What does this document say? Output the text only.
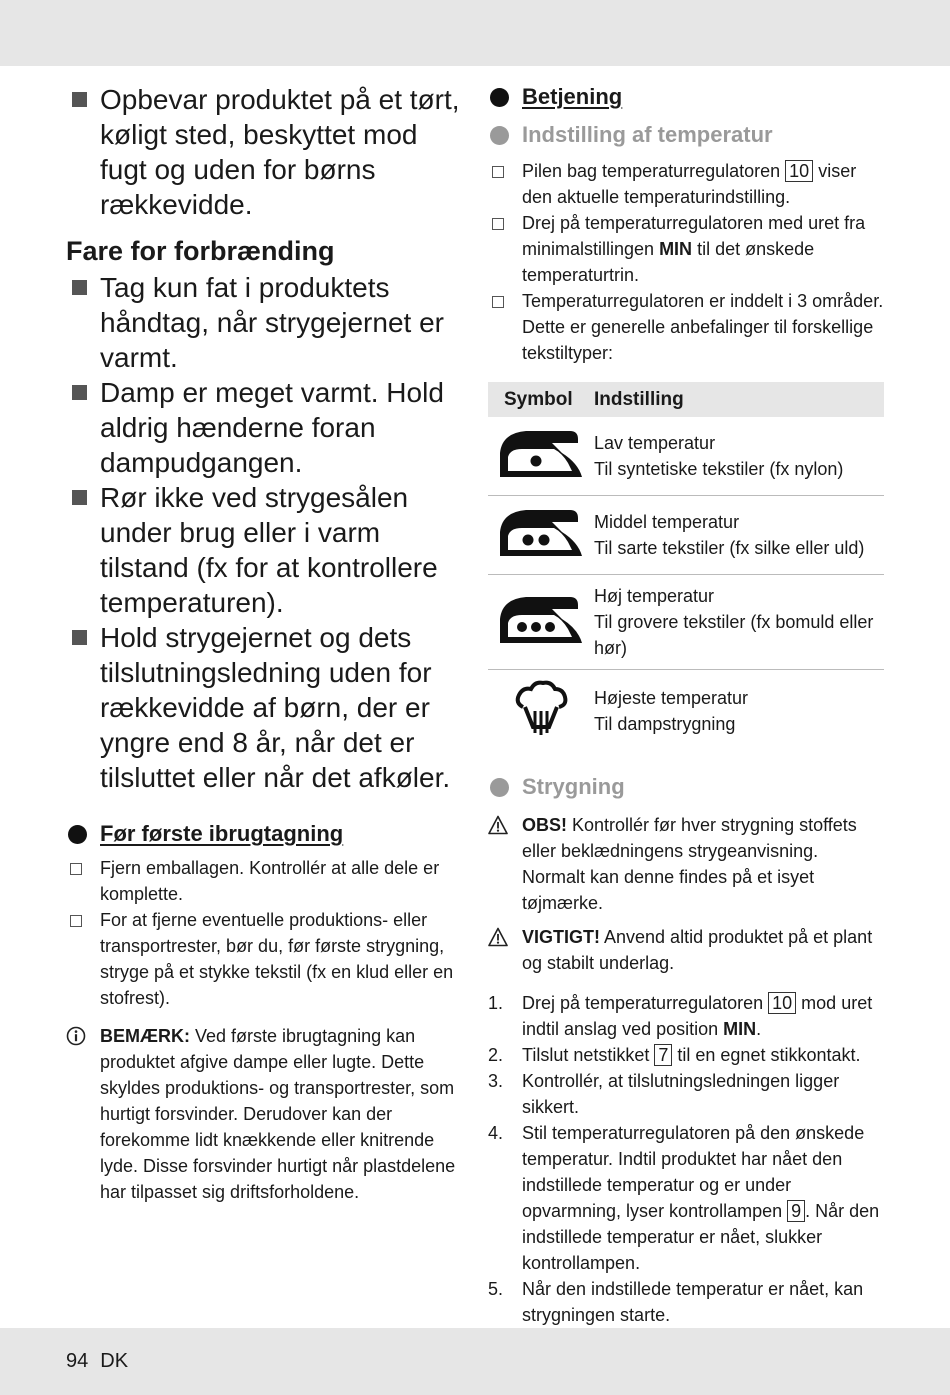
Opbevar produktet på et tørt, køligt sted, beskyttet mod fugt og uden for børns rækkevidde.

Fare for forbrænding

Tag kun fat i produktets håndtag, når strygejernet er varmt.

Damp er meget varmt. Hold aldrig hænderne foran dampudgangen.

Rør ikke ved strygesålen under brug eller i varm tilstand (fx for at kontrollere temperaturen).

Hold strygejernet og dets tilslutningsledning uden for rækkevidde af børn, der er yngre end 8 år, når det er tilsluttet eller når det afkøler.

Før første ibrugtagning

Fjern emballagen. Kontrollér at alle dele er komplette.

For at fjerne eventuelle produktions- eller transportrester, bør du, før første strygning, stryge på et stykke tekstil (fx en klud eller en stofrest).

BEMÆRK: Ved første ibrugtagning kan produktet afgive dampe eller lugte. Dette skyldes produktions- og transportrester, som hurtigt forsvinder. Derudover kan der forekomme lidt knækkende eller knitrende lyde. Disse forsvinder hurtigt når plastdelene har tilpasset sig driftsforholdene.

Betjening

Indstilling af temperatur

Pilen bag temperaturregulatoren 10 viser den aktuelle temperaturindstilling.

Drej på temperaturregulatoren med uret fra minimalstillingen MIN til det ønskede temperaturtrin.

Temperaturregulatoren er inddelt i 3 områder. Dette er generelle anbefalinger til forskellige tekstiltyper:

Symbol	Indstilling

Lav temperatur
Til syntetiske tekstiler (fx nylon)

Middel temperatur
Til sarte tekstiler (fx silke eller uld)

Høj temperatur
Til grovere tekstiler (fx bomuld eller hør)

Højeste temperatur
Til dampstrygning

Strygning

OBS! Kontrollér før hver strygning stoffets eller beklædningens strygeanvisning. Normalt kan denne findes på et isyet tøjmærke.

VIGTIGT! Anvend altid produktet på et plant og stabilt underlag.

1. Drej på temperaturregulatoren 10 mod uret indtil anslag ved position MIN.
2. Tilslut netstikket 7 til en egnet stikkontakt.
3. Kontrollér, at tilslutningsledningen ligger sikkert.
4. Stil temperaturregulatoren på den ønskede temperatur. Indtil produktet har nået den indstillede temperatur og er under opvarmning, lyser kontrollampen 9 . Når den indstillede temperatur er nået, slukker kontrollampen.
5. Når den indstillede temperatur er nået, kan strygningen starte.
94 DK
